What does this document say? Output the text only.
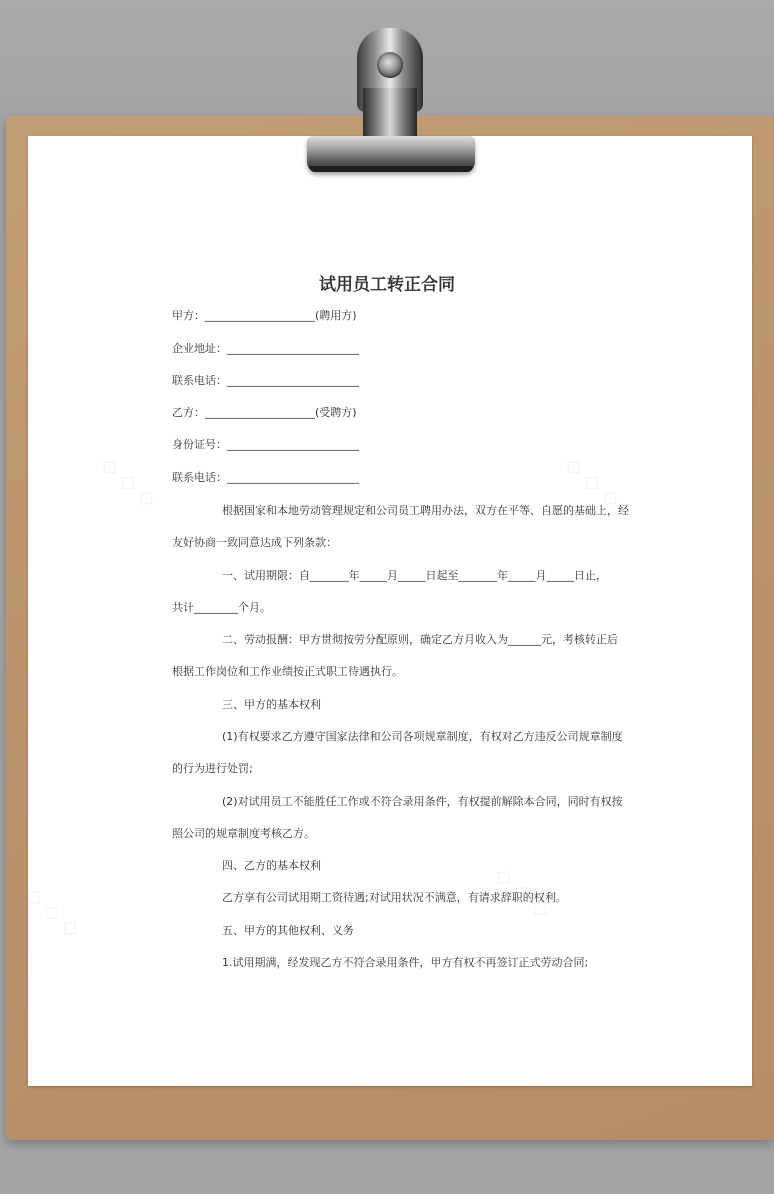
◇ ◇ ◇	◇ ◇ ◇
◇ ◇ ◇	◇ ◇ ◇
试用员工转正合同
甲方：____________________(聘用方)
企业地址：________________________
联系电话：________________________
乙方：____________________(受聘方)
身份证号：________________________
联系电话：________________________
根据国家和本地劳动管理规定和公司员工聘用办法，双方在平等、自愿的基础上，经
友好协商一致同意达成下列条款：
一、试用期限：自_______年_____月_____日起至_______年_____月_____日止，
共计________个月。
二、劳动报酬：甲方贯彻按劳分配原则，确定乙方月收入为______元，考核转正后
根据工作岗位和工作业绩按正式职工待遇执行。
三、甲方的基本权利
(1)有权要求乙方遵守国家法律和公司各项规章制度，有权对乙方违反公司规章制度
的行为进行处罚;
(2)对试用员工不能胜任工作或不符合录用条件，有权提前解除本合同，同时有权按
照公司的规章制度考核乙方。
四、乙方的基本权利
乙方享有公司试用期工资待遇;对试用状况不满意，有请求辞职的权利。
五、甲方的其他权利、义务
1.试用期满，经发现乙方不符合录用条件，甲方有权不再签订正式劳动合同;
